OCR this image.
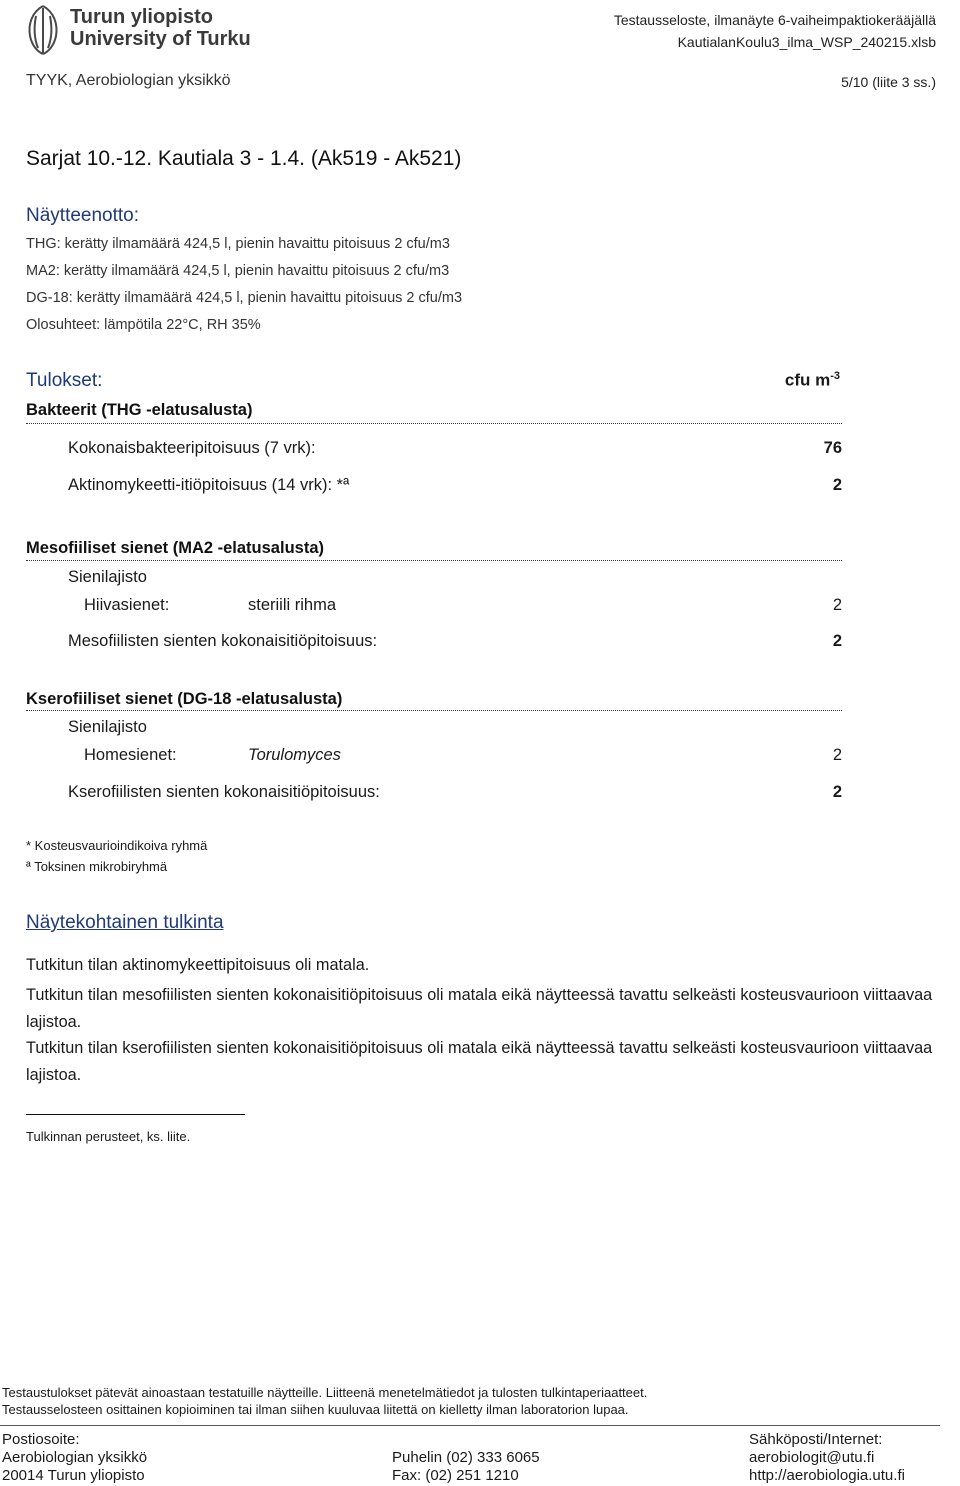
Turun yliopisto
University of Turku
Testausseloste, ilmanäyte 6-vaiheimpaktiokerääjällä
KautialanKoulu3_ilma_WSP_240215.xlsb
TYYK, Aerobiologian yksikkö	5/10 (liite 3 ss.)
Sarjat 10.-12. Kautiala 3 - 1.4. (Ak519 - Ak521)
Näytteenotto:
THG: kerätty ilmamäärä 424,5 l, pienin havaittu pitoisuus 2 cfu/m3
MA2: kerätty ilmamäärä 424,5 l, pienin havaittu pitoisuus 2 cfu/m3
DG-18: kerätty ilmamäärä 424,5 l, pienin havaittu pitoisuus 2 cfu/m3
Olosuhteet: lämpötila 22°C, RH 35%
Tulokset:	cfu $m^{-3}$
Bakteerit (THG -elatusalusta)
Kokonaisbakteeripitoisuus (7 vrk):	76
Aktinomykeetti-itiöpitoisuus (14 vrk): *ª	2
Mesofiiliset sienet (MA2 -elatusalusta)
Sienilajisto
Hiivasienet:	steriili rihma	2
Mesofiilisten sienten kokonaisitiöpitoisuus:	2
Kserofiiliset sienet (DG-18 -elatusalusta)
Sienilajisto
Homesienet:	Torulomyces	2
Kserofiilisten sienten kokonaisitiöpitoisuus:	2
* Kosteusvaurioindikoiva ryhmä
ª Toksinen mikrobiryhmä
Näytekohtainen tulkinta
Tutkitun tilan aktinomykeettipitoisuus oli matala.
Tutkitun tilan mesofiilisten sienten kokonaisitiöpitoisuus oli matala eikä näytteessä tavattu selkeästi kosteusvaurioon viittaavaa lajistoa.
Tutkitun tilan kserofiilisten sienten kokonaisitiöpitoisuus oli matala eikä näytteessä tavattu selkeästi kosteusvaurioon viittaavaa lajistoa.
Tulkinnan perusteet, ks. liite.
Testaustulokset pätevät ainoastaan testatuille näytteille. Liitteenä menetelmätiedot ja tulosten tulkintaperiaatteet.
Testausselosteen osittainen kopioiminen tai ilman siihen kuuluvaa liitettä on kielletty ilman laboratorion lupaa.
Postiosoite:
Aerobiologian yksikkö
20014 Turun yliopisto
Puhelin (02) 333 6065
Fax: (02) 251 1210
Sähköposti/Internet:
aerobiologit@utu.fi
http://aerobiologia.utu.fi
